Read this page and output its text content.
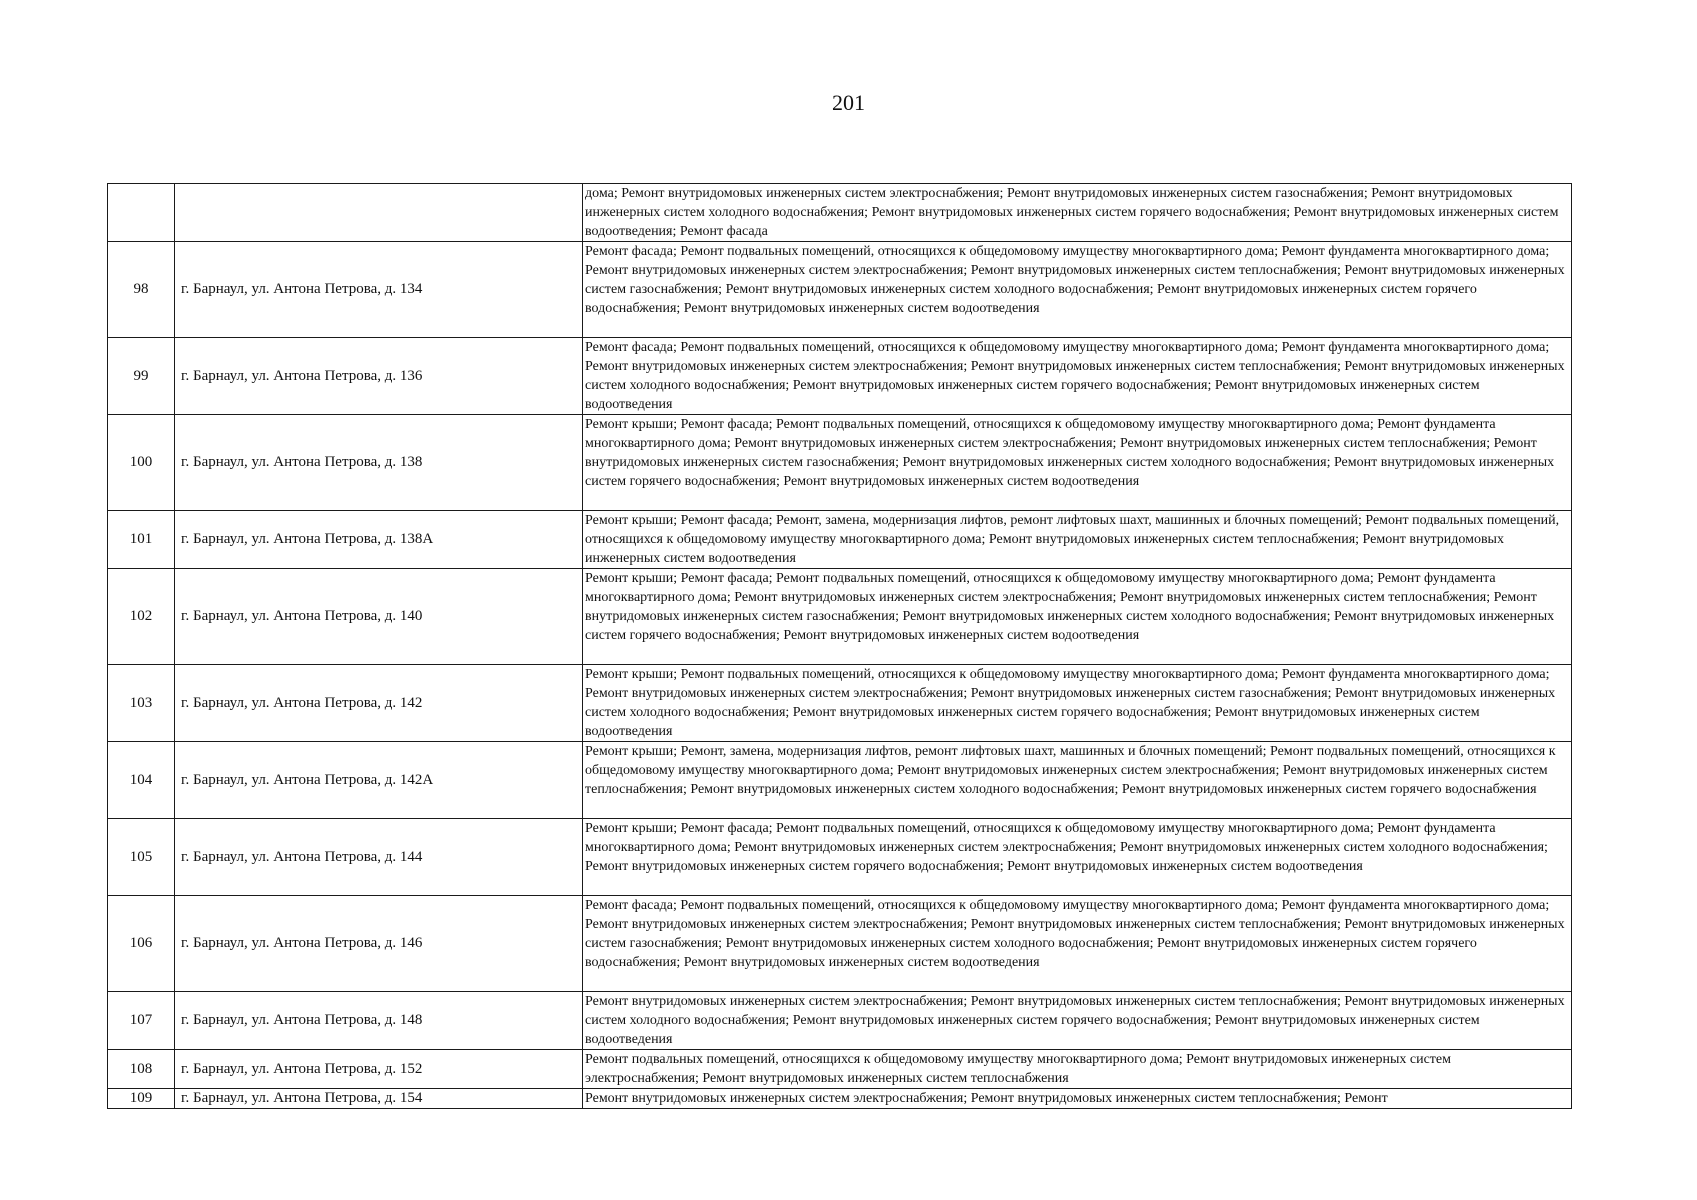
201
		дома; Ремонт внутридомовых инженерных систем электроснабжения; Ремонт внутридомовых инженерных систем газоснабжения; Ремонт внутридомовых инженерных систем холодного водоснабжения; Ремонт внутридомовых инженерных систем горячего водоснабжения; Ремонт внутридомовых инженерных систем водоотведения; Ремонт фасада
98	г. Барнаул, ул. Антона Петрова, д. 134	Ремонт фасада; Ремонт подвальных помещений, относящихся к общедомовому имуществу многоквартирного дома; Ремонт фундамента многоквартирного дома; Ремонт внутридомовых инженерных систем электроснабжения; Ремонт внутридомовых инженерных систем теплоснабжения; Ремонт внутридомовых инженерных систем газоснабжения; Ремонт внутридомовых инженерных систем холодного водоснабжения; Ремонт внутридомовых инженерных систем горячего водоснабжения; Ремонт внутридомовых инженерных систем водоотведения
99	г. Барнаул, ул. Антона Петрова, д. 136	Ремонт фасада; Ремонт подвальных помещений, относящихся к общедомовому имуществу многоквартирного дома; Ремонт фундамента многоквартирного дома; Ремонт внутридомовых инженерных систем электроснабжения; Ремонт внутридомовых инженерных систем теплоснабжения; Ремонт внутридомовых инженерных систем холодного водоснабжения; Ремонт внутридомовых инженерных систем горячего водоснабжения; Ремонт внутридомовых инженерных систем водоотведения
100	г. Барнаул, ул. Антона Петрова, д. 138	Ремонт крыши; Ремонт фасада; Ремонт подвальных помещений, относящихся к общедомовому имуществу многоквартирного дома; Ремонт фундамента многоквартирного дома; Ремонт внутридомовых инженерных систем электроснабжения; Ремонт внутридомовых инженерных систем теплоснабжения; Ремонт внутридомовых инженерных систем газоснабжения; Ремонт внутридомовых инженерных систем холодного водоснабжения; Ремонт внутридомовых инженерных систем горячего водоснабжения; Ремонт внутридомовых инженерных систем водоотведения
101	г. Барнаул, ул. Антона Петрова, д. 138А	Ремонт крыши; Ремонт фасада; Ремонт, замена, модернизация лифтов, ремонт лифтовых шахт, машинных и блочных помещений; Ремонт подвальных помещений, относящихся к общедомовому имуществу многоквартирного дома; Ремонт внутридомовых инженерных систем теплоснабжения; Ремонт внутридомовых инженерных систем водоотведения
102	г. Барнаул, ул. Антона Петрова, д. 140	Ремонт крыши; Ремонт фасада; Ремонт подвальных помещений, относящихся к общедомовому имуществу многоквартирного дома; Ремонт фундамента многоквартирного дома; Ремонт внутридомовых инженерных систем электроснабжения; Ремонт внутридомовых инженерных систем теплоснабжения; Ремонт внутридомовых инженерных систем газоснабжения; Ремонт внутридомовых инженерных систем холодного водоснабжения; Ремонт внутридомовых инженерных систем горячего водоснабжения; Ремонт внутридомовых инженерных систем водоотведения
103	г. Барнаул, ул. Антона Петрова, д. 142	Ремонт крыши; Ремонт подвальных помещений, относящихся к общедомовому имуществу многоквартирного дома; Ремонт фундамента многоквартирного дома; Ремонт внутридомовых инженерных систем электроснабжения; Ремонт внутридомовых инженерных систем газоснабжения; Ремонт внутридомовых инженерных систем холодного водоснабжения; Ремонт внутридомовых инженерных систем горячего водоснабжения; Ремонт внутридомовых инженерных систем водоотведения
104	г. Барнаул, ул. Антона Петрова, д. 142А	Ремонт крыши; Ремонт, замена, модернизация лифтов, ремонт лифтовых шахт, машинных и блочных помещений; Ремонт подвальных помещений, относящихся к общедомовому имуществу многоквартирного дома; Ремонт внутридомовых инженерных систем электроснабжения; Ремонт внутридомовых инженерных систем теплоснабжения; Ремонт внутридомовых инженерных систем холодного водоснабжения; Ремонт внутридомовых инженерных систем горячего водоснабжения
105	г. Барнаул, ул. Антона Петрова, д. 144	Ремонт крыши; Ремонт фасада; Ремонт подвальных помещений, относящихся к общедомовому имуществу многоквартирного дома; Ремонт фундамента многоквартирного дома; Ремонт внутридомовых инженерных систем электроснабжения; Ремонт внутридомовых инженерных систем холодного водоснабжения; Ремонт внутридомовых инженерных систем горячего водоснабжения; Ремонт внутридомовых инженерных систем водоотведения
106	г. Барнаул, ул. Антона Петрова, д. 146	Ремонт фасада; Ремонт подвальных помещений, относящихся к общедомовому имуществу многоквартирного дома; Ремонт фундамента многоквартирного дома; Ремонт внутридомовых инженерных систем электроснабжения; Ремонт внутридомовых инженерных систем теплоснабжения; Ремонт внутридомовых инженерных систем газоснабжения; Ремонт внутридомовых инженерных систем холодного водоснабжения; Ремонт внутридомовых инженерных систем горячего водоснабжения; Ремонт внутридомовых инженерных систем водоотведения
107	г. Барнаул, ул. Антона Петрова, д. 148	Ремонт внутридомовых инженерных систем электроснабжения; Ремонт внутридомовых инженерных систем теплоснабжения; Ремонт внутридомовых инженерных систем холодного водоснабжения; Ремонт внутридомовых инженерных систем горячего водоснабжения; Ремонт внутридомовых инженерных систем водоотведения
108	г. Барнаул, ул. Антона Петрова, д. 152	Ремонт подвальных помещений, относящихся к общедомовому имуществу многоквартирного дома; Ремонт внутридомовых инженерных систем электроснабжения; Ремонт внутридомовых инженерных систем теплоснабжения
109	г. Барнаул, ул. Антона Петрова, д. 154	Ремонт внутридомовых инженерных систем электроснабжения; Ремонт внутридомовых инженерных систем теплоснабжения; Ремонт
